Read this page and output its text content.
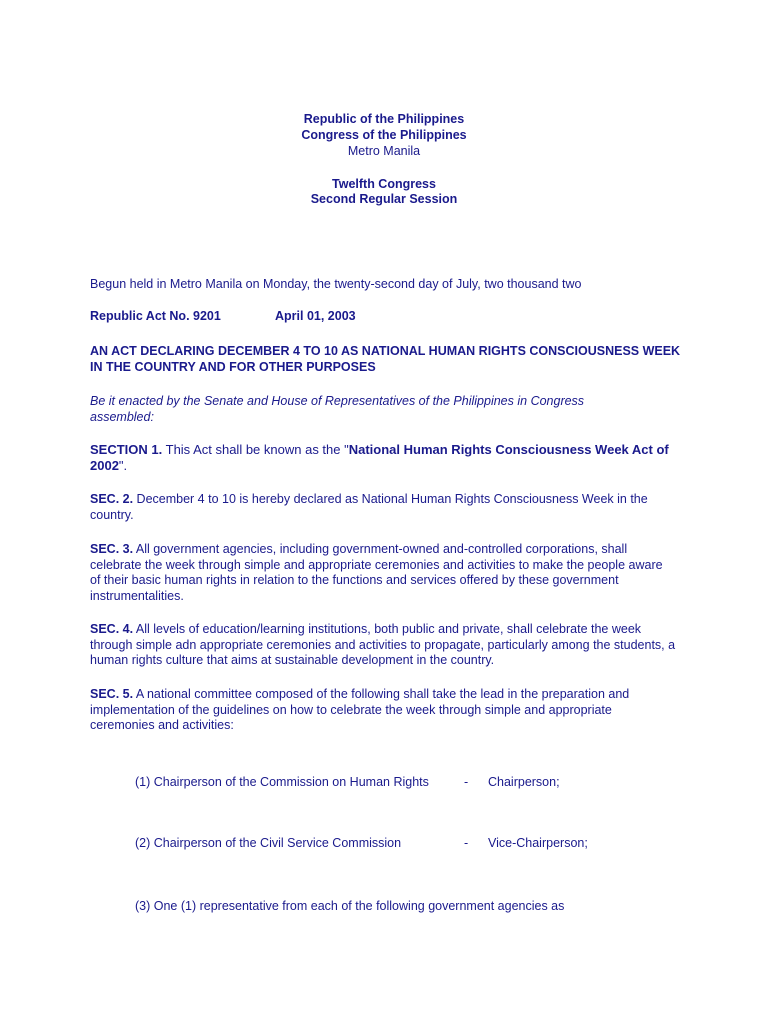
Republic of the Philippines
Congress of the Philippines
Metro Manila
Twelfth Congress
Second Regular Session
Begun held in Metro Manila on Monday, the twenty-second day of July, two thousand two
Republic Act No. 9201	April 01, 2003
AN ACT DECLARING DECEMBER 4 TO 10 AS NATIONAL HUMAN RIGHTS CONSCIOUSNESS WEEK IN THE COUNTRY AND FOR OTHER PURPOSES
Be it enacted by the Senate and House of Representatives of the Philippines in Congress assembled:
SECTION 1. This Act shall be known as the "National Human Rights Consciousness Week Act of 2002".
SEC. 2. December 4 to 10 is hereby declared as National Human Rights Consciousness Week in the country.
SEC. 3. All government agencies, including government-owned and-controlled corporations, shall celebrate the week through simple and appropriate ceremonies and activities to make the people aware of their basic human rights in relation to the functions and services offered by these government instrumentalities.
SEC. 4. All levels of education/learning institutions, both public and private, shall celebrate the week through simple adn appropriate ceremonies and activities to propagate, particularly among the students, a human rights culture that aims at sustainable development in the country.
SEC. 5. A national committee composed of the following shall take the lead in the preparation and implementation of the guidelines on how to celebrate the week through simple and appropriate ceremonies and activities:
(1) Chairperson of the Commission on Human Rights	- Chairperson;
(2) Chairperson of the Civil Service Commission	- Vice-Chairperson;
(3) One (1) representative from each of the following government agencies as
